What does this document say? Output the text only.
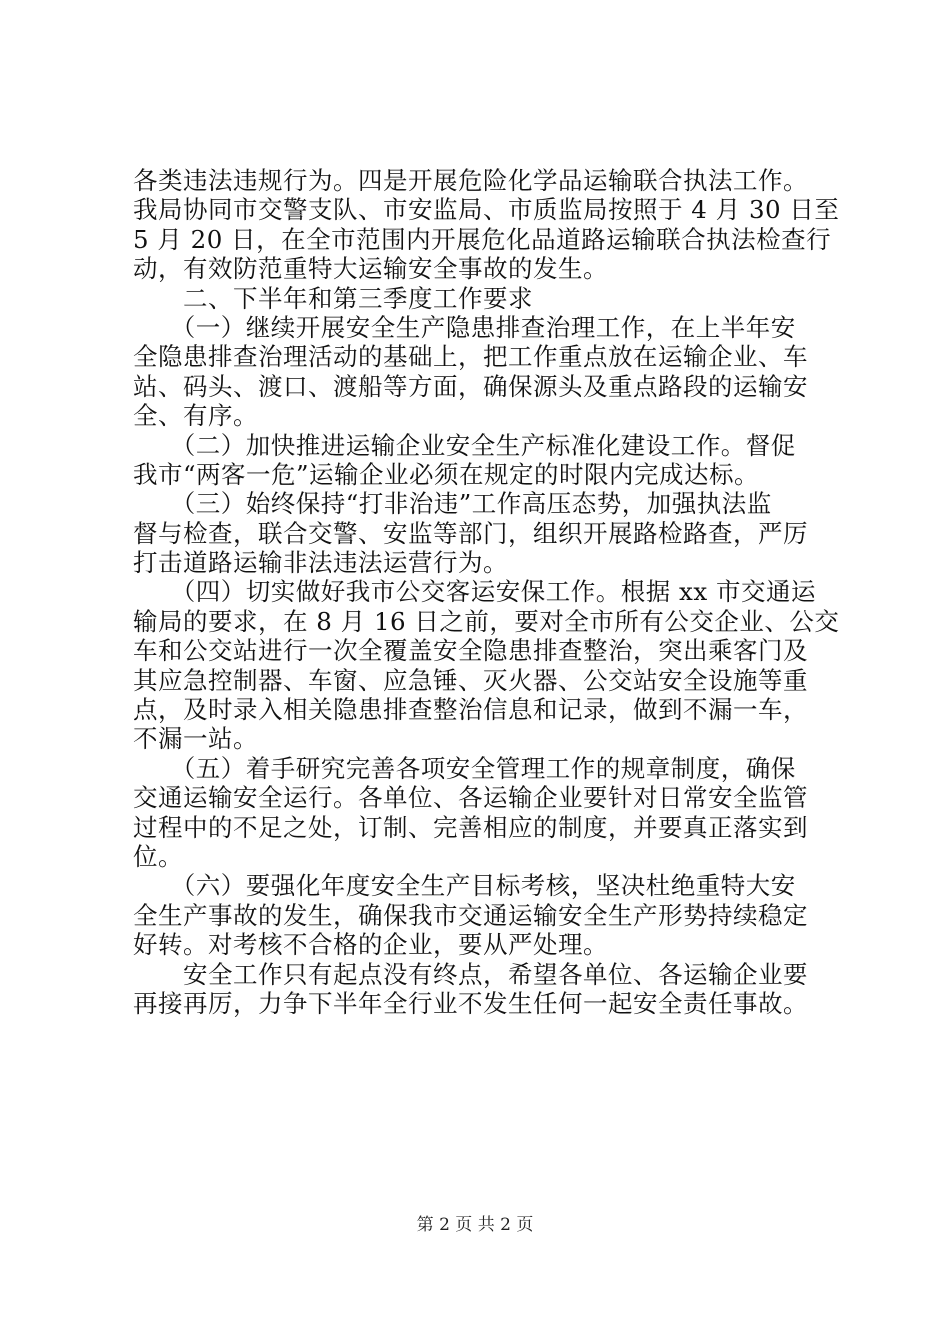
各类违法违规行为。四是开展危险化学品运输联合执法工作。
我局协同市交警支队、市安监局、市质监局按照于 4 月 30 日至
5 月 20 日，在全市范围内开展危化品道路运输联合执法检查行
动，有效防范重特大运输安全事故的发生。
　　二、下半年和第三季度工作要求
　　（一）继续开展安全生产隐患排查治理工作，在上半年安
全隐患排查治理活动的基础上，把工作重点放在运输企业、车
站、码头、渡口、渡船等方面，确保源头及重点路段的运输安
全、有序。
　　（二）加快推进运输企业安全生产标准化建设工作。督促
我市“两客一危”运输企业必须在规定的时限内完成达标。
　　（三）始终保持“打非治违”工作高压态势，加强执法监
督与检查，联合交警、安监等部门，组织开展路检路查，严厉
打击道路运输非法违法运营行为。
　　（四）切实做好我市公交客运安保工作。根据 xx 市交通运
输局的要求，在 8 月 16 日之前，要对全市所有公交企业、公交
车和公交站进行一次全覆盖安全隐患排查整治，突出乘客门及
其应急控制器、车窗、应急锤、灭火器、公交站安全设施等重
点，及时录入相关隐患排查整治信息和记录，做到不漏一车，
不漏一站。
　　（五）着手研究完善各项安全管理工作的规章制度，确保
交通运输安全运行。各单位、各运输企业要针对日常安全监管
过程中的不足之处，订制、完善相应的制度，并要真正落实到
位。
　　（六）要强化年度安全生产目标考核，坚决杜绝重特大安
全生产事故的发生，确保我市交通运输安全生产形势持续稳定
好转。对考核不合格的企业，要从严处理。
　　安全工作只有起点没有终点，希望各单位、各运输企业要
再接再厉，力争下半年全行业不发生任何一起安全责任事故。
第 2 页 共 2 页
